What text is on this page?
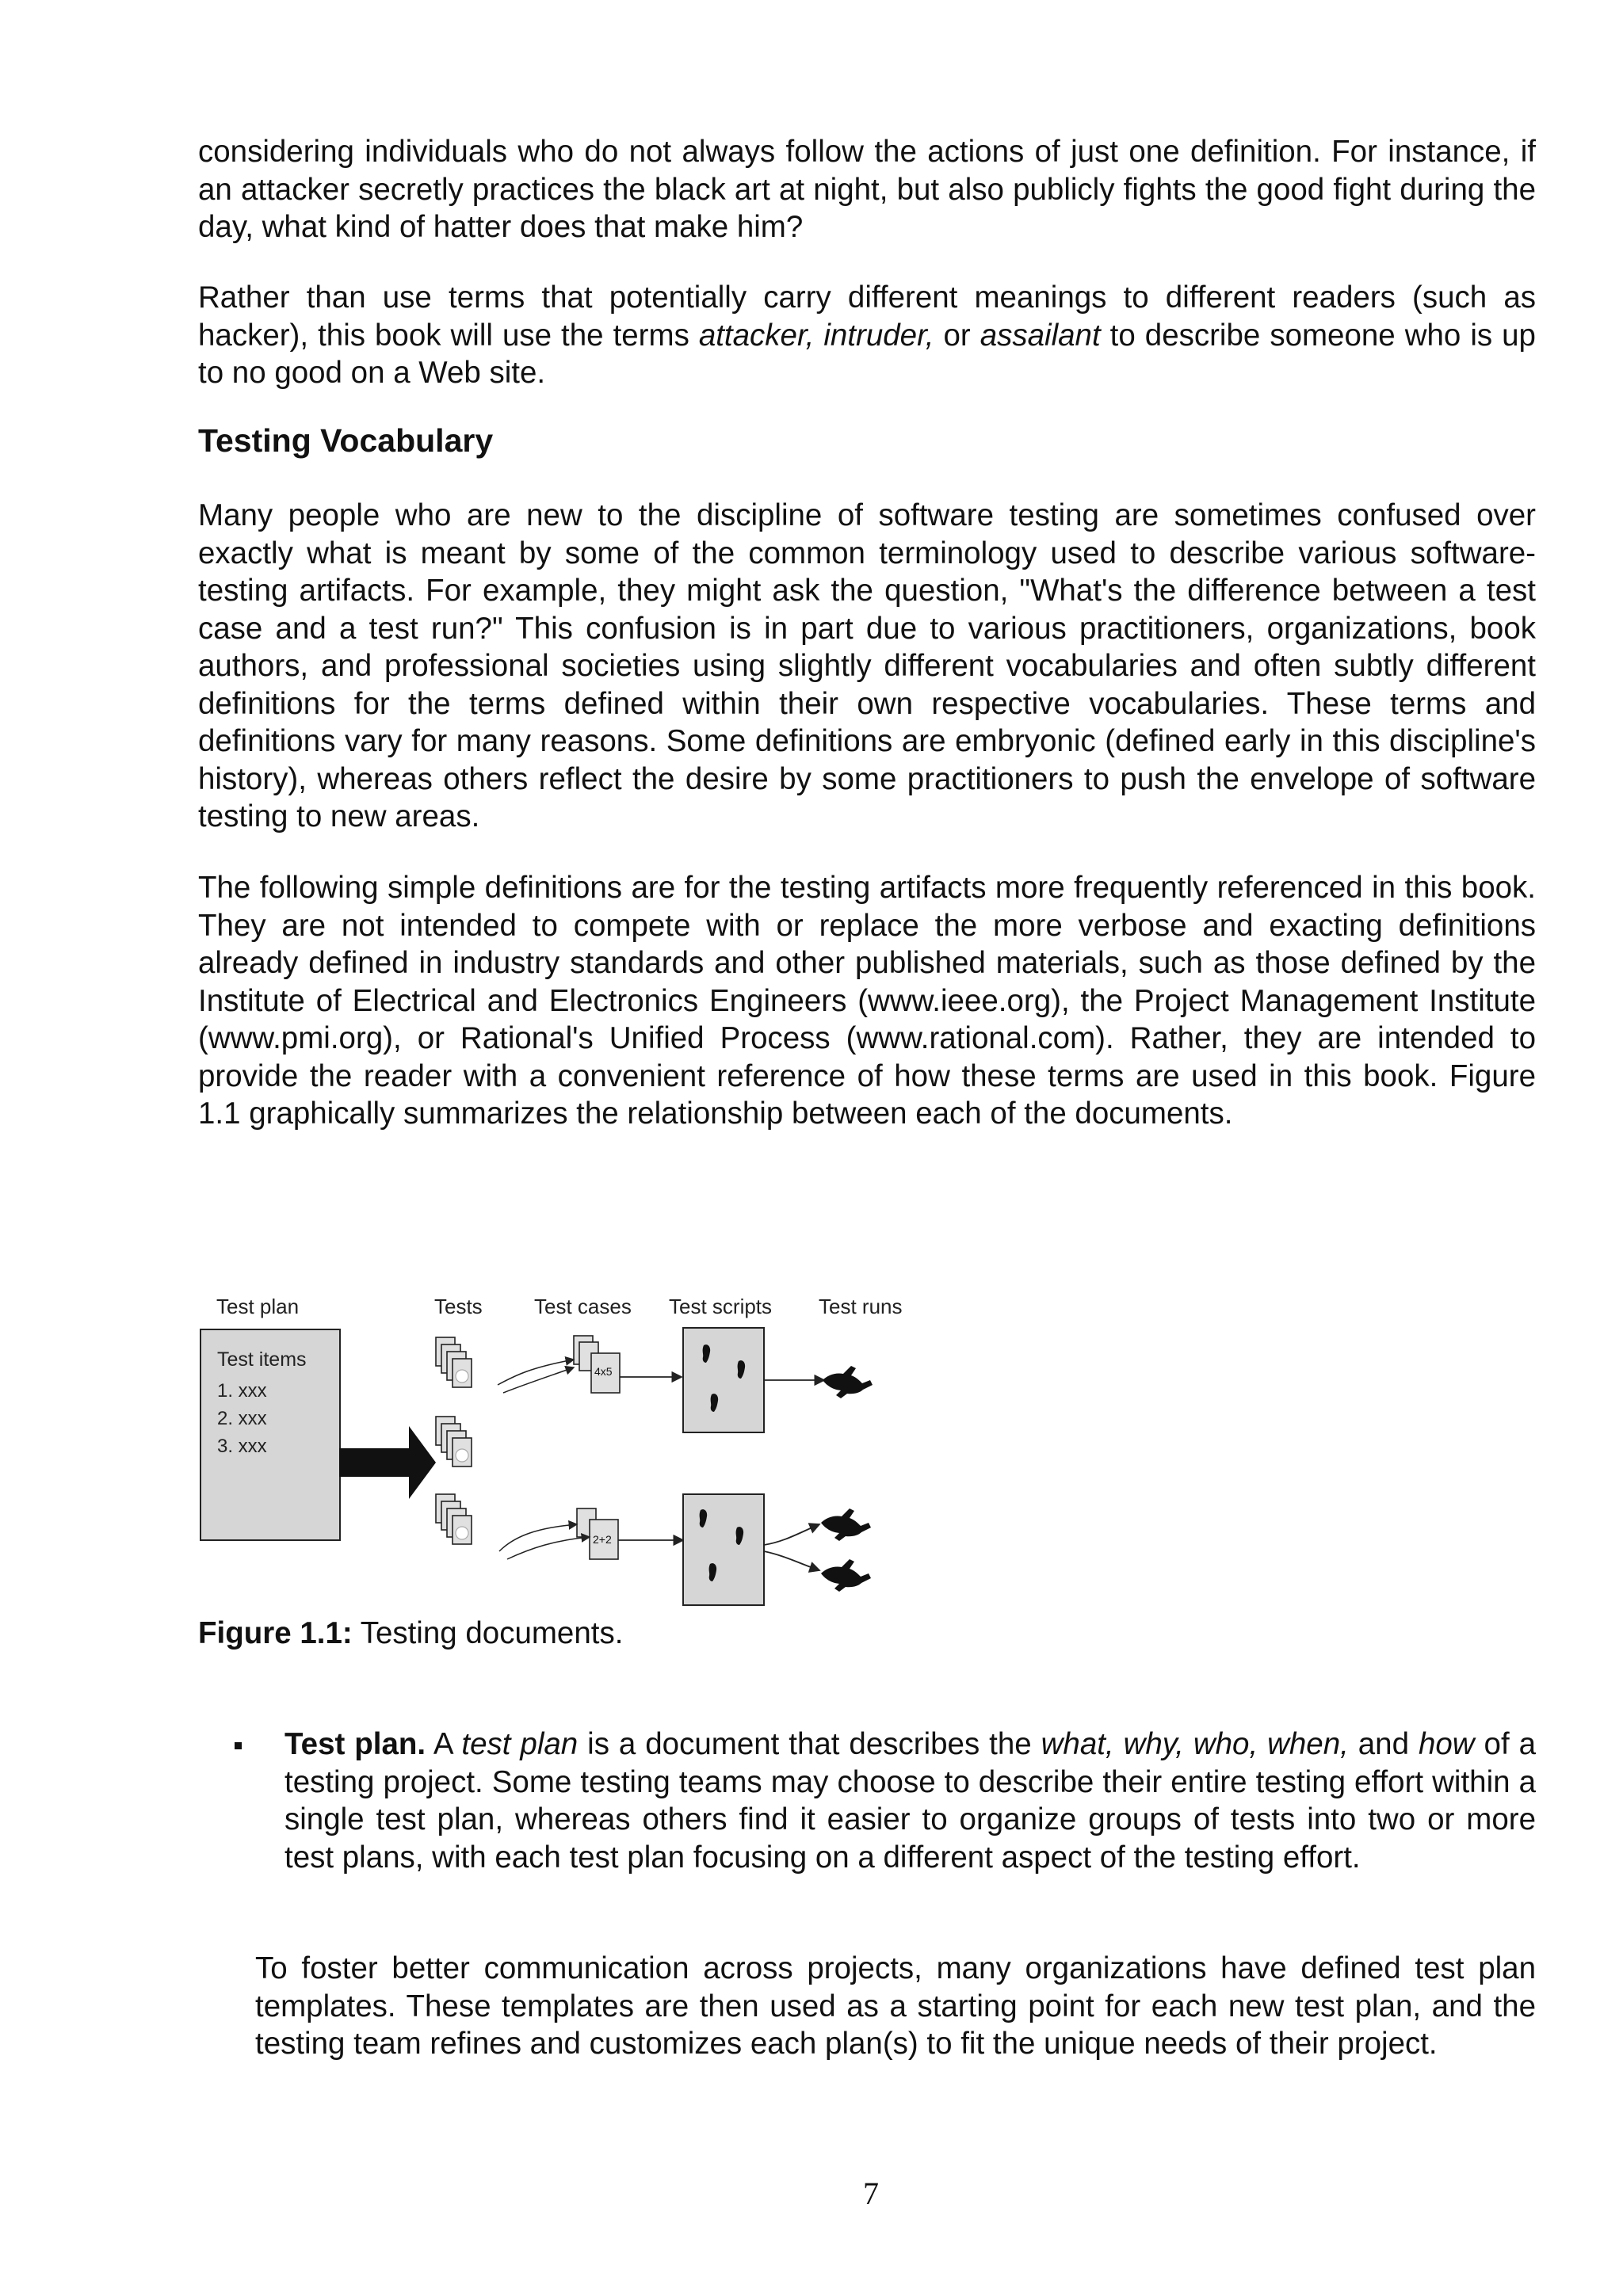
considering individuals who do not always follow the actions of just one definition. For instance, if an attacker secretly practices the black art at night, but also publicly fights the good fight during the day, what kind of hatter does that make him?

Rather than use terms that potentially carry different meanings to different readers (such as hacker), this book will use the terms attacker, intruder, or assailant to describe someone who is up to no good on a Web site.

Testing Vocabulary

Many people who are new to the discipline of software testing are sometimes confused over exactly what is meant by some of the common terminology used to describe various software-testing artifacts. For example, they might ask the question, "What's the difference between a test case and a test run?" This confusion is in part due to various practitioners, organizations, book authors, and professional societies using slightly different vocabularies and often subtly different definitions for the terms defined within their own respective vocabularies. These terms and definitions vary for many reasons. Some definitions are embryonic (defined early in this discipline's history), whereas others reflect the desire by some practitioners to push the envelope of software testing to new areas.

The following simple definitions are for the testing artifacts more frequently referenced in this book. They are not intended to compete with or replace the more verbose and exacting definitions already defined in industry standards and other published materials, such as those defined by the Institute of Electrical and Electronics Engineers (www.ieee.org), the Project Management Institute (www.pmi.org), or Rational's Unified Process (www.rational.com). Rather, they are intended to provide the reader with a convenient reference of how these terms are used in this book. Figure 1.1 graphically summarizes the relationship between each of the documents.

Test plan	Tests	Test cases Test scripts Test runs
Test items
1. xxx
2. xxx
3. xxx
4x5
2+2
Figure 1.1: Testing documents.

Test plan. A test plan is a document that describes the what, why, who, when, and how of a testing project. Some testing teams may choose to describe their entire testing effort within a single test plan, whereas others find it easier to organize groups of tests into two or more test plans, with each test plan focusing on a different aspect of the testing effort.

To foster better communication across projects, many organizations have defined test plan templates. These templates are then used as a starting point for each new test plan, and the testing team refines and customizes each plan(s) to fit the unique needs of their project.

7
